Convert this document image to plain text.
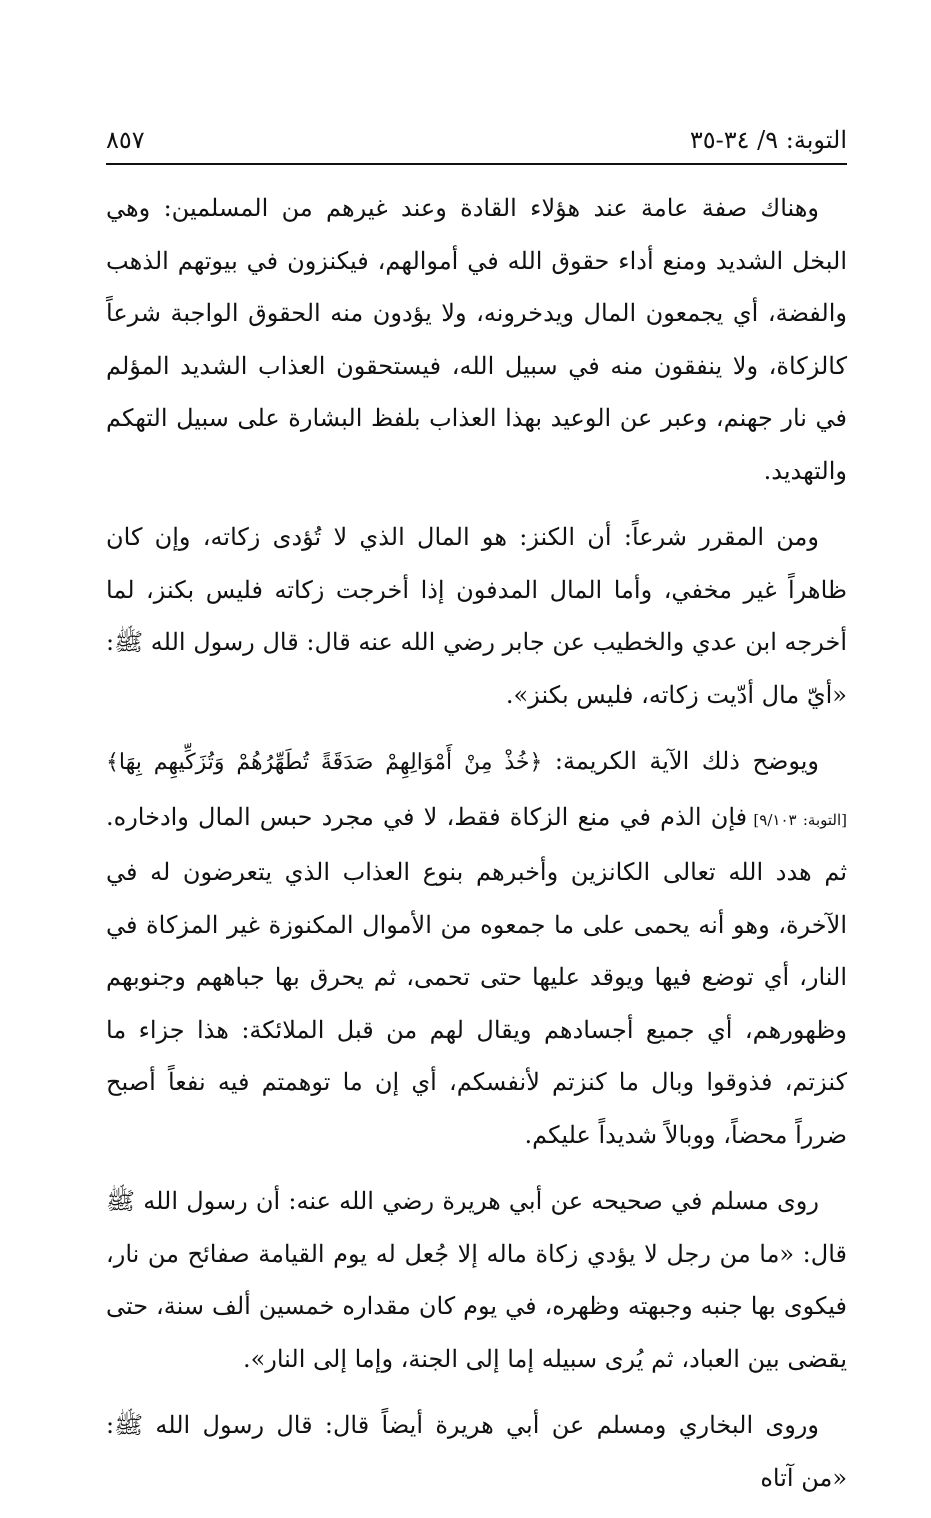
التوبة: ٩/ ٣٤-٣٥
٨٥٧

وهناك صفة عامة عند هؤلاء القادة وعند غيرهم من المسلمين: وهي البخل الشديد ومنع أداء حقوق الله في أموالهم، فيكنزون في بيوتهم الذهب والفضة، أي يجمعون المال ويدخرونه، ولا يؤدون منه الحقوق الواجبة شرعاً كالزكاة، ولا ينفقون منه في سبيل الله، فيستحقون العذاب الشديد المؤلم في نار جهنم، وعبر عن الوعيد بهذا العذاب بلفظ البشارة على سبيل التهكم والتهديد.

ومن المقرر شرعاً: أن الكنز: هو المال الذي لا تُؤدى زكاته، وإن كان ظاهراً غير مخفي، وأما المال المدفون إذا أخرجت زكاته فليس بكنز، لما أخرجه ابن عدي والخطيب عن جابر رضي الله عنه قال: قال رسول الله ﷺ: «أيّ مال أدّيت زكاته، فليس بكنز».

ويوضح ذلك الآية الكريمة: ﴿خُذْ مِنْ أَمْوَالِهِمْ صَدَقَةً تُطَهِّرُهُمْ وَتُزَكِّيهِم بِهَا﴾ [التوبة: ٩/١٠٣] فإن الذم في منع الزكاة فقط، لا في مجرد حبس المال وادخاره. ثم هدد الله تعالى الكانزين وأخبرهم بنوع العذاب الذي يتعرضون له في الآخرة، وهو أنه يحمى على ما جمعوه من الأموال المكنوزة غير المزكاة في النار، أي توضع فيها ويوقد عليها حتى تحمى، ثم يحرق بها جباههم وجنوبهم وظهورهم، أي جميع أجسادهم ويقال لهم من قبل الملائكة: هذا جزاء ما كنزتم، فذوقوا وبال ما كنزتم لأنفسكم، أي إن ما توهمتم فيه نفعاً أصبح ضرراً محضاً، ووبالاً شديداً عليكم.

روى مسلم في صحيحه عن أبي هريرة رضي الله عنه: أن رسول الله ﷺ قال: «ما من رجل لا يؤدي زكاة ماله إلا جُعل له يوم القيامة صفائح من نار، فيكوى بها جنبه وجبهته وظهره، في يوم كان مقداره خمسين ألف سنة، حتى يقضى بين العباد، ثم يُرى سبيله إما إلى الجنة، وإما إلى النار».

وروى البخاري ومسلم عن أبي هريرة أيضاً قال: قال رسول الله ﷺ: «من آتاه
